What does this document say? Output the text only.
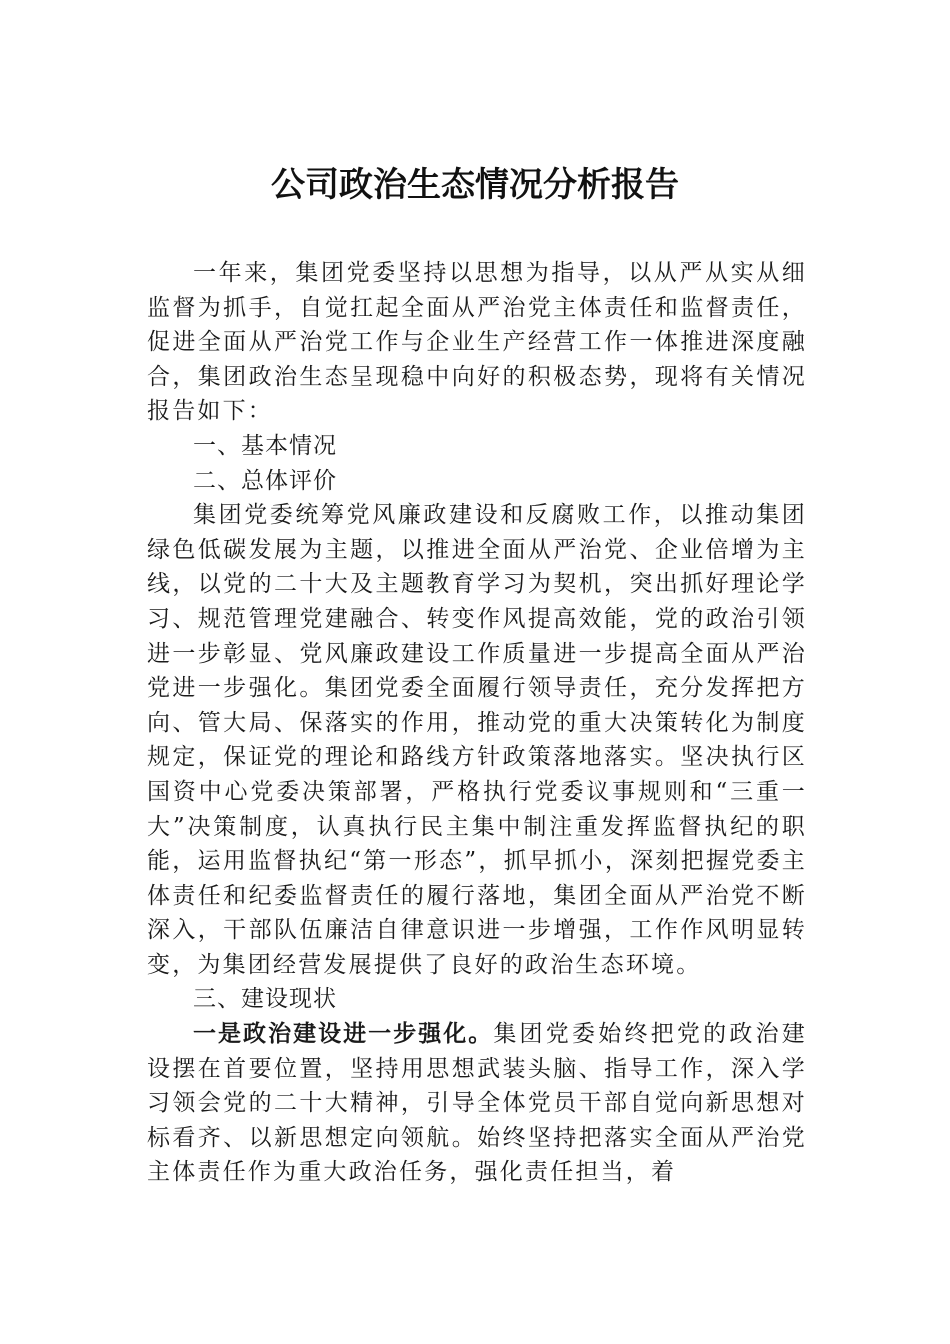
公司政治生态情况分析报告

一年来，集团党委坚持以思想为指导，以从严从实从细监督为抓手，自觉扛起全面从严治党主体责任和监督责任，促进全面从严治党工作与企业生产经营工作一体推进深度融合，集团政治生态呈现稳中向好的积极态势，现将有关情况报告如下：

一、基本情况

二、总体评价

集团党委统筹党风廉政建设和反腐败工作，以推动集团绿色低碳发展为主题，以推进全面从严治党、企业倍增为主线，以党的二十大及主题教育学习为契机，突出抓好理论学习、规范管理党建融合、转变作风提高效能，党的政治引领进一步彰显、党风廉政建设工作质量进一步提高全面从严治党进一步强化。集团党委全面履行领导责任，充分发挥把方向、管大局、保落实的作用，推动党的重大决策转化为制度规定，保证党的理论和路线方针政策落地落实。坚决执行区国资中心党委决策部署，严格执行党委议事规则和“三重一大”决策制度，认真执行民主集中制注重发挥监督执纪的职能，运用监督执纪“第一形态”，抓早抓小，深刻把握党委主体责任和纪委监督责任的履行落地，集团全面从严治党不断深入，干部队伍廉洁自律意识进一步增强，工作作风明显转变，为集团经营发展提供了良好的政治生态环境。

三、建设现状

一是政治建设进一步强化。集团党委始终把党的政治建设摆在首要位置，坚持用思想武装头脑、指导工作，深入学习领会党的二十大精神，引导全体党员干部自觉向新思想对标看齐、以新思想定向领航。始终坚持把落实全面从严治党主体责任作为重大政治任务，强化责任担当，着
